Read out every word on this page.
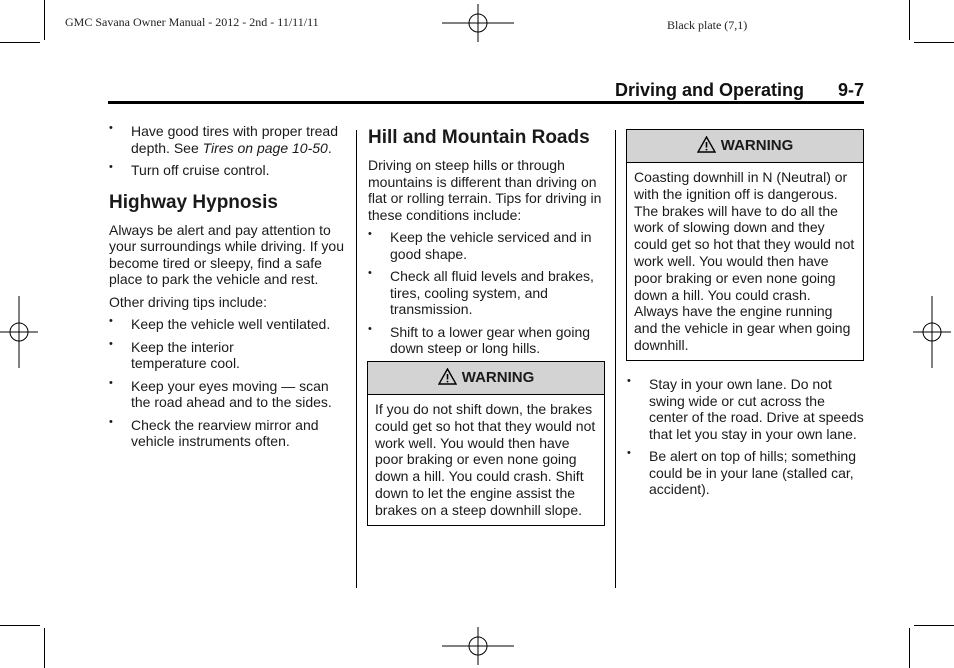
GMC Savana Owner Manual - 2012 - 2nd - 11/11/11	Black plate (7,1)
Driving and Operating 9-7
• Have good tires with proper tread depth. See Tires on page 10-50.
• Turn off cruise control.
Highway Hypnosis

Always be alert and pay attention to your surroundings while driving. If you become tired or sleepy, find a safe place to park the vehicle and rest.

Other driving tips include:

• Keep the vehicle well ventilated.
• Keep the interior temperature cool.
• Keep your eyes moving — scan the road ahead and to the sides.
• Check the rearview mirror and vehicle instruments often.
Hill and Mountain Roads

Driving on steep hills or through mountains is different than driving on flat or rolling terrain. Tips for driving in these conditions include:

• Keep the vehicle serviced and in good shape.
• Check all fluid levels and brakes, tires, cooling system, and transmission.
• Shift to a lower gear when going down steep or long hills.
WARNING
If you do not shift down, the brakes could get so hot that they would not work well. You would then have poor braking or even none going down a hill. You could crash. Shift down to let the engine assist the brakes on a steep downhill slope.
WARNING
Coasting downhill in N (Neutral) or with the ignition off is dangerous. The brakes will have to do all the work of slowing down and they could get so hot that they would not work well. You would then have poor braking or even none going down a hill. You could crash. Always have the engine running and the vehicle in gear when going downhill.
• Stay in your own lane. Do not swing wide or cut across the center of the road. Drive at speeds that let you stay in your own lane.
• Be alert on top of hills; something could be in your lane (stalled car, accident).
